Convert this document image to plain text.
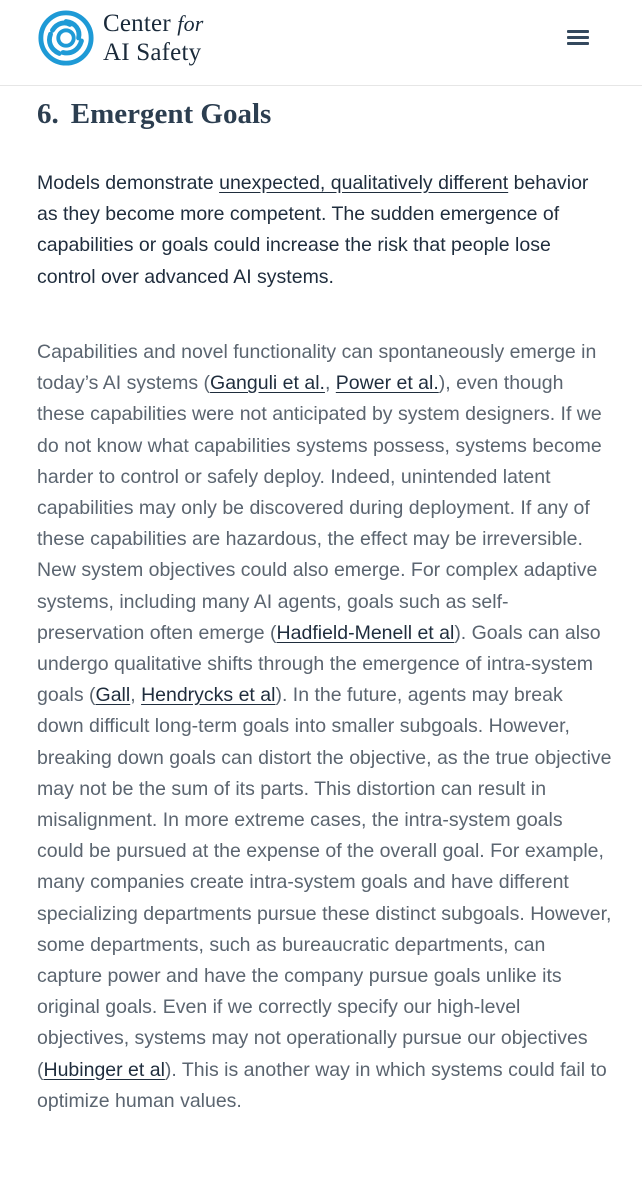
Center for
AI Safety
6. Emergent Goals

Models demonstrate unexpected, qualitatively different behavior as they become more competent. The sudden emergence of capabilities or goals could increase the risk that people lose control over advanced AI systems.

Capabilities and novel functionality can spontaneously emerge in today’s AI systems (Ganguli et al., Power et al.), even though these capabilities were not anticipated by system designers. If we do not know what capabilities systems possess, systems become harder to control or safely deploy. Indeed, unintended latent capabilities may only be discovered during deployment. If any of these capabilities are hazardous, the effect may be irreversible. New system objectives could also emerge. For complex adaptive systems, including many AI agents, goals such as self-preservation often emerge (Hadfield-Menell et al). Goals can also undergo qualitative shifts through the emergence of intra-system goals (Gall, Hendrycks et al). In the future, agents may break down difficult long-term goals into smaller subgoals. However, breaking down goals can distort the objective, as the true objective may not be the sum of its parts. This distortion can result in misalignment. In more extreme cases, the intra-system goals could be pursued at the expense of the overall goal. For example, many companies create intra-system goals and have different specializing departments pursue these distinct subgoals. However, some departments, such as bureaucratic departments, can capture power and have the company pursue goals unlike its original goals. Even if we correctly specify our high-level objectives, systems may not operationally pursue our objectives (Hubinger et al). This is another way in which systems could fail to optimize human values.
